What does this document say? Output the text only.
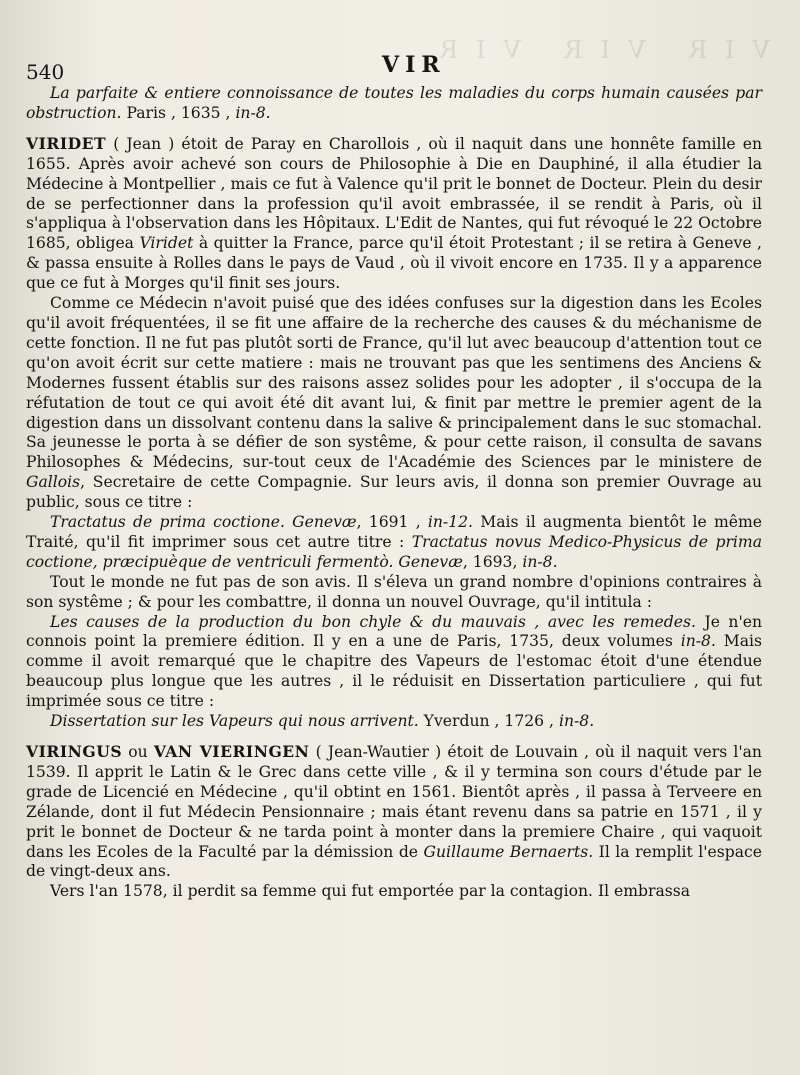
VIR VIR VIR
540	VIR

La parfaite & entiere connoissance de toutes les maladies du corps humain causées par obstruction. Paris , 1635 , in-8.

VIRIDET ( Jean ) étoit de Paray en Charollois , où il naquit dans une honnête famille en 1655. Après avoir achevé son cours de Philosophie à Die en Dauphiné, il alla étudier la Médecine à Montpellier , mais ce fut à Valence qu'il prit le bonnet de Docteur. Plein du desir de se perfectionner dans la profession qu'il avoit embrassée, il se rendit à Paris, où il s'appliqua à l'observation dans les Hôpitaux. L'Edit de Nantes, qui fut révoqué le 22 Octobre 1685, obligea Viridet à quitter la France, parce qu'il étoit Protestant ; il se retira à Geneve , & passa ensuite à Rolles dans le pays de Vaud , où il vivoit encore en 1735. Il y a apparence que ce fut à Morges qu'il finit ses jours.

Comme ce Médecin n'avoit puisé que des idées confuses sur la digestion dans les Ecoles qu'il avoit fréquentées, il se fit une affaire de la recherche des causes & du méchanisme de cette fonction. Il ne fut pas plutôt sorti de France, qu'il lut avec beaucoup d'attention tout ce qu'on avoit écrit sur cette matiere : mais ne trouvant pas que les sentimens des Anciens & Modernes fussent établis sur des raisons assez solides pour les adopter , il s'occupa de la réfutation de tout ce qui avoit été dit avant lui, & finit par mettre le premier agent de la digestion dans un dissolvant contenu dans la salive & principalement dans le suc stomachal. Sa jeunesse le porta à se défier de son systême, & pour cette raison, il consulta de savans Philosophes & Médecins, sur-tout ceux de l'Académie des Sciences par le ministere de Gallois, Secretaire de cette Compagnie. Sur leurs avis, il donna son premier Ouvrage au public, sous ce titre :

Tractatus de prima coctione. Genevæ, 1691 , in-12. Mais il augmenta bientôt le même Traité, qu'il fit imprimer sous cet autre titre : Tractatus novus Medico-Physicus de prima coctione, præcipuèque de ventriculi fermentò. Genevæ, 1693, in-8.

Tout le monde ne fut pas de son avis. Il s'éleva un grand nombre d'opinions contraires à son systême ; & pour les combattre, il donna un nouvel Ouvrage, qu'il intitula :

Les causes de la production du bon chyle & du mauvais , avec les remedes. Je n'en connois point la premiere édition. Il y en a une de Paris, 1735, deux volumes in-8. Mais comme il avoit remarqué que le chapitre des Vapeurs de l'estomac étoit d'une étendue beaucoup plus longue que les autres , il le réduisit en Dissertation particuliere , qui fut imprimée sous ce titre :

Dissertation sur les Vapeurs qui nous arrivent. Yverdun , 1726 , in-8.

VIRINGUS ou VAN VIERINGEN ( Jean-Wautier ) étoit de Louvain , où il naquit vers l'an 1539. Il apprit le Latin & le Grec dans cette ville , & il y termina son cours d'étude par le grade de Licencié en Médecine , qu'il obtint en 1561. Bientôt après , il passa à Terveere en Zélande, dont il fut Médecin Pensionnaire ; mais étant revenu dans sa patrie en 1571 , il y prit le bonnet de Docteur & ne tarda point à monter dans la premiere Chaire , qui vaquoit dans les Ecoles de la Faculté par la démission de Guillaume Bernaerts. Il la remplit l'espace de vingt-deux ans.

Vers l'an 1578, il perdit sa femme qui fut emportée par la contagion. Il embrassa
